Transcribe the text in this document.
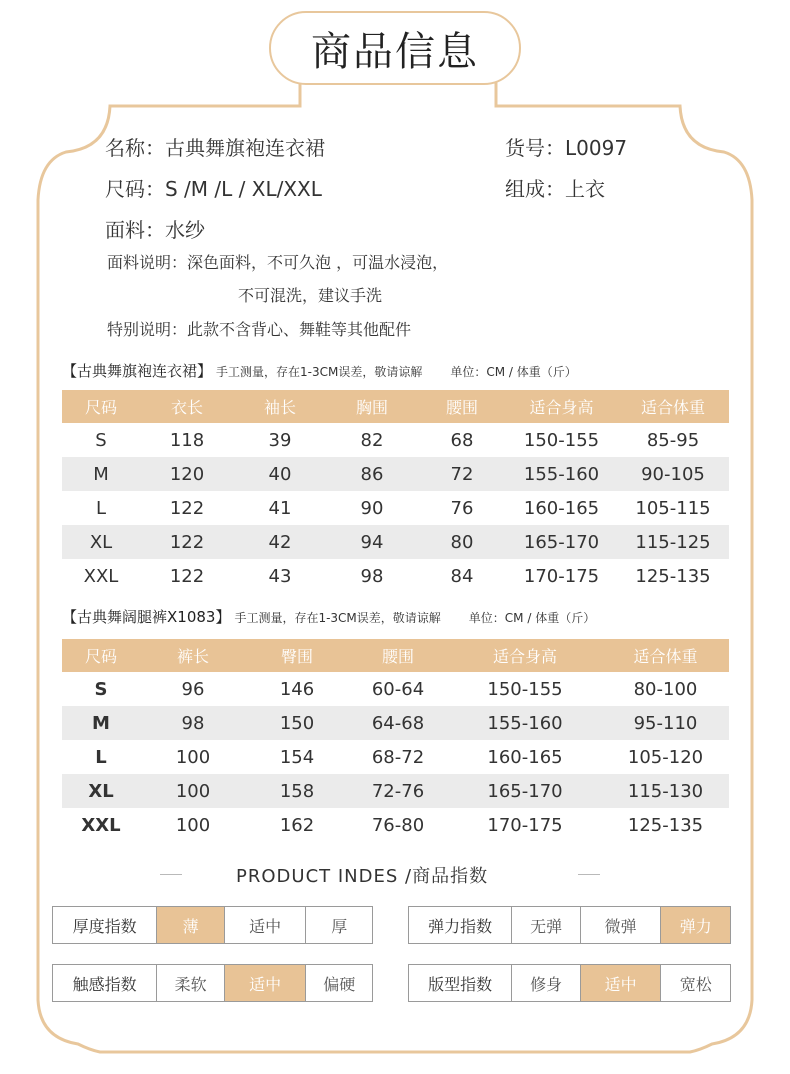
商品信息
名称：古典舞旗袍连衣裙	货号：L0097
尺码：S /M /L / XL/XXL	组成：上衣
面料：水纱
面料说明：深色面料，不可久泡 ，可温水浸泡，
不可混洗，建议手洗
特别说明：此款不含背心、舞鞋等其他配件
【古典舞旗袍连衣裙】 手工测量，存在1-3CM误差，敬请谅解 单位：CM / 体重（斤）
尺码	衣长	袖长	胸围	腰围	适合身高	适合体重
S	118	39	82	68	150-155	85-95
M	120	40	86	72	155-160	90-105
L	122	41	90	76	160-165	105-115
XL	122	42	94	80	165-170	115-125
XXL	122	43	98	84	170-175	125-135
【古典舞阔腿裤X1083】 手工测量，存在1-3CM误差，敬请谅解 单位：CM / 体重（斤）
尺码	裤长	臀围	腰围	适合身高	适合体重
S	96	146	60-64	150-155	80-100
M	98	150	64-68	155-160	95-110
L	100	154	68-72	160-165	105-120
XL	100	158	72-76	165-170	115-130
XXL	100	162	76-80	170-175	125-135
PRODUCT INDES /商品指数
厚度指数	薄	适中	厚	弹力指数	无弹	微弹	弹力
触感指数	柔软	适中	偏硬	版型指数	修身	适中	宽松
